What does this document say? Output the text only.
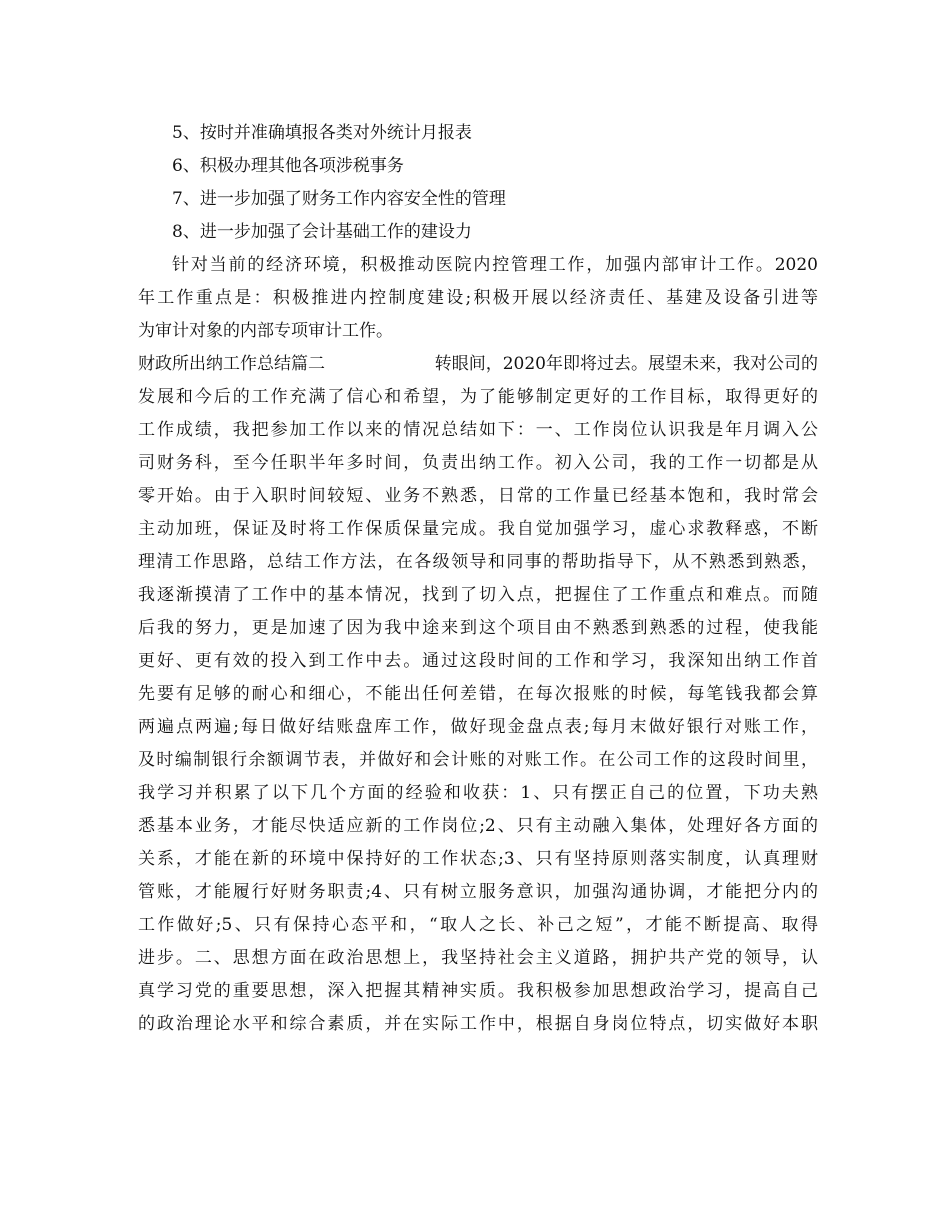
5、按时并准确填报各类对外统计月报表
6、积极办理其他各项涉税事务
7、进一步加强了财务工作内容安全性的管理
8、进一步加强了会计基础工作的建设力
针对当前的经济环境，积极推动医院内控管理工作，加强内部审计工作。2020
年工作重点是：积极推进内控制度建设;积极开展以经济责任、基建及设备引进等
为审计对象的内部专项审计工作。
财政所出纳工作总结篇二	转眼间，2020年即将过去。展望未来，我对公司的
发展和今后的工作充满了信心和希望，为了能够制定更好的工作目标，取得更好的
工作成绩，我把参加工作以来的情况总结如下：一、工作岗位认识我是年月调入公
司财务科，至今任职半年多时间，负责出纳工作。初入公司，我的工作一切都是从
零开始。由于入职时间较短、业务不熟悉，日常的工作量已经基本饱和，我时常会
主动加班，保证及时将工作保质保量完成。我自觉加强学习，虚心求教释惑，不断
理清工作思路，总结工作方法，在各级领导和同事的帮助指导下，从不熟悉到熟悉，
我逐渐摸清了工作中的基本情况，找到了切入点，把握住了工作重点和难点。而随
后我的努力，更是加速了因为我中途来到这个项目由不熟悉到熟悉的过程，使我能
更好、更有效的投入到工作中去。通过这段时间的工作和学习，我深知出纳工作首
先要有足够的耐心和细心，不能出任何差错，在每次报账的时候，每笔钱我都会算
两遍点两遍;每日做好结账盘库工作，做好现金盘点表;每月末做好银行对账工作，
及时编制银行余额调节表，并做好和会计账的对账工作。在公司工作的这段时间里，
我学习并积累了以下几个方面的经验和收获：1、只有摆正自己的位置，下功夫熟
悉基本业务，才能尽快适应新的工作岗位;2、只有主动融入集体，处理好各方面的
关系，才能在新的环境中保持好的工作状态;3、只有坚持原则落实制度，认真理财
管账，才能履行好财务职责;4、只有树立服务意识，加强沟通协调，才能把分内的
工作做好;5、只有保持心态平和，“取人之长、补己之短”，才能不断提高、取得
进步。二、思想方面在政治思想上，我坚持社会主义道路，拥护共产党的领导，认
真学习党的重要思想，深入把握其精神实质。我积极参加思想政治学习，提高自己
的政治理论水平和综合素质，并在实际工作中，根据自身岗位特点，切实做好本职
